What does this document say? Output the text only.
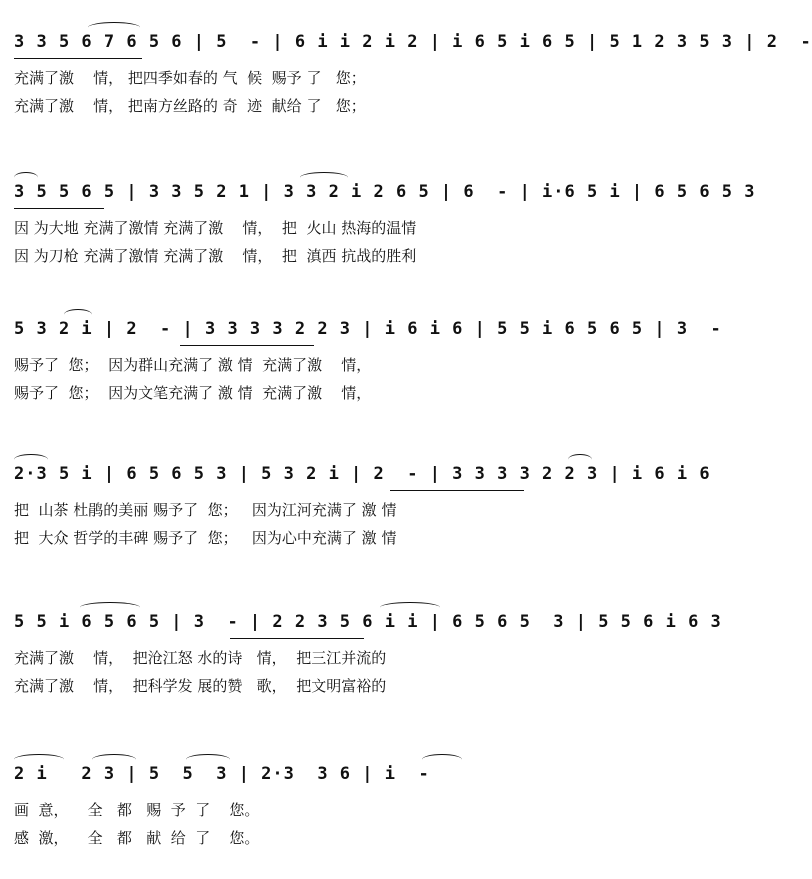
3 3 5 6 7 6 5 6 | 5  - | 6 i i 2 i 2 | i 6 5 i 6 5 | 5 1 2 3 5 3 | 2  -
充满了激    情， 把四季如春的 气  候  赐予 了   您；
充满了激    情， 把南方丝路的 奇  迹  献给 了   您；
3 5 5 6 5 | 3 3 5 2 1 | 3 3 2 i 2 6 5 | 6  - | i·6 5 i | 6 5 6 5 3
因 为大地 充满了激情 充满了激    情，  把  火山 热海的温情
因 为刀枪 充满了激情 充满了激    情，  把  滇西 抗战的胜利
5 3 2 i | 2  - | 3 3 3 3 2 2 3 | i 6 i 6 | 5 5 i 6 5 6 5 | 3  -
赐予了  您；  因为群山充满了 激 情  充满了激    情，
赐予了  您；  因为文笔充满了 激 情  充满了激    情，
2·3 5 i | 6 5 6 5 3 | 5 3 2 i | 2  - | 3 3 3 3 2 2 3 | i 6 i 6
把  山茶 杜鹃的美丽 赐予了  您；   因为江河充满了 激 情
把  大众 哲学的丰碑 赐予了  您；   因为心中充满了 激 情
5 5 i 6 5 6 5 | 3  - | 2 2 3 5 6 i i | 6 5 6 5  3 | 5 5 6 i 6 3
充满了激    情，  把沧江怒 水的诗   情，  把三江并流的
充满了激    情，  把科学发 展的赞   歌，  把文明富裕的
2 i   2 3 | 5  5  3 | 2·3  3 6 | i  -
画  意，    全   都   赐  予  了    您。
感  激，    全   都   献  给  了    您。
